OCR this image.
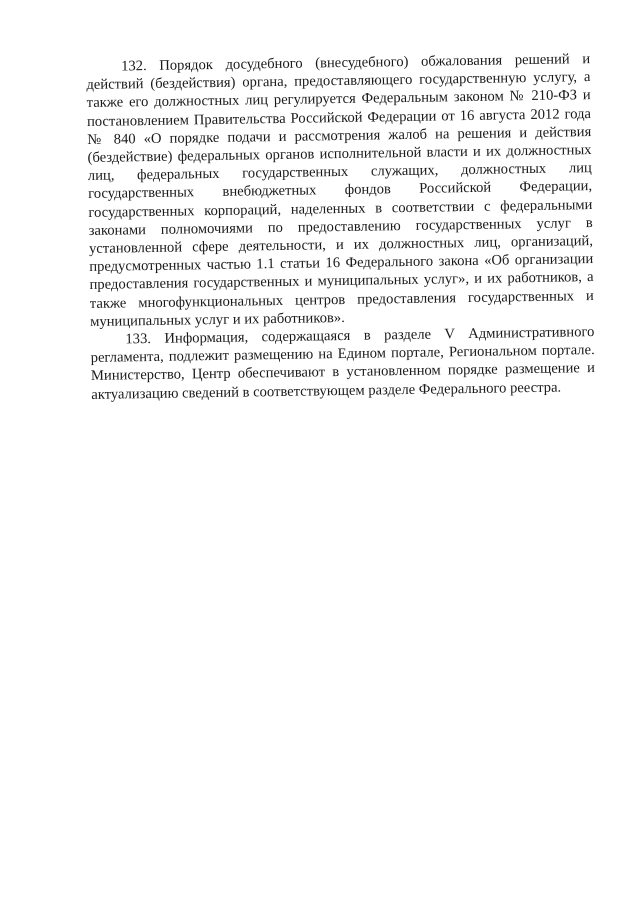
132. Порядок досудебного (внесудебного) обжалования решений и действий (бездействия) органа, предоставляющего государственную услугу, а также его должностных лиц регулируется Федеральным законом № 210-ФЗ и постановлением Правительства Российской Федерации от 16 августа 2012 года № 840 «О порядке подачи и рассмотрения жалоб на решения и действия (бездействие) федеральных органов исполнительной власти и их должностных лиц, федеральных государственных служащих, должностных лиц государственных внебюджетных фондов Российской Федерации, государственных корпораций, наделенных в соответствии с федеральными законами полномочиями по предоставлению государственных услуг в установленной сфере деятельности, и их должностных лиц, организаций, предусмотренных частью 1.1 статьи 16 Федерального закона «Об организации предоставления государственных и муниципальных услуг», и их работников, а также многофункциональных центров предоставления государственных и муниципальных услуг и их работников».

133. Информация, содержащаяся в разделе V Административного регламента, подлежит размещению на Едином портале, Региональном портале. Министерство, Центр обеспечивают в установленном порядке размещение и актуализацию сведений в соответствующем разделе Федерального реестра.
